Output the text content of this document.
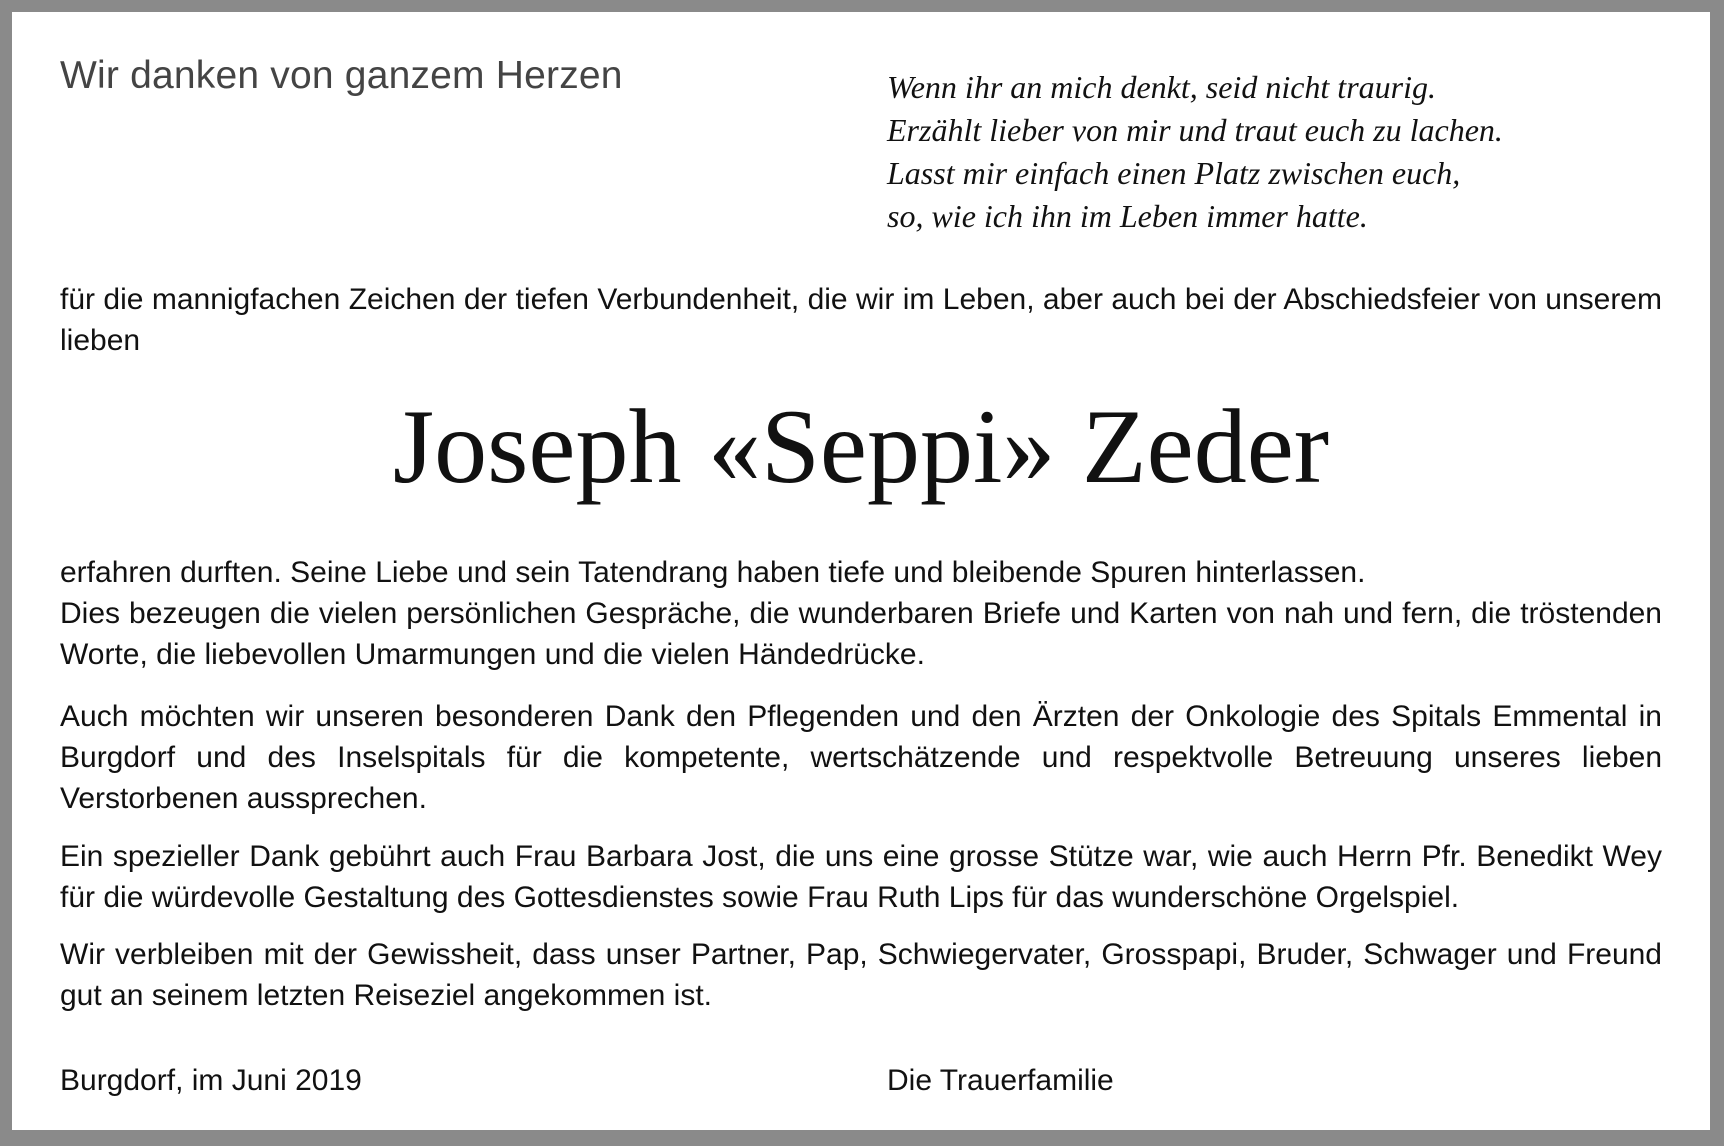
Wir danken von ganzem Herzen	Wenn ihr an mich denkt, seid nicht traurig.
Erzählt lieber von mir und traut euch zu lachen.
Lasst mir einfach einen Platz zwischen euch,
so, wie ich ihn im Leben immer hatte.

für die mannigfachen Zeichen der tiefen Verbundenheit, die wir im Leben, aber auch bei der Abschiedsfeier von unserem lieben

Joseph «Seppi» Zeder
erfahren durften. Seine Liebe und sein Tatendrang haben tiefe und bleibende Spuren hinterlassen.
Dies bezeugen die vielen persönlichen Gespräche, die wunderbaren Briefe und Karten von nah und fern, die tröstenden Worte, die liebevollen Umarmungen und die vielen Händedrücke.

Auch möchten wir unseren besonderen Dank den Pflegenden und den Ärzten der Onkologie des Spitals Emmental in Burgdorf und des Inselspitals für die kompetente, wertschätzende und respektvolle Betreuung unseres lieben Verstorbenen aussprechen.

Ein spezieller Dank gebührt auch Frau Barbara Jost, die uns eine grosse Stütze war, wie auch Herrn Pfr. Benedikt Wey für die würdevolle Gestaltung des Gottesdienstes sowie Frau Ruth Lips für das wunderschöne Orgelspiel.

Wir verbleiben mit der Gewissheit, dass unser Partner, Pap, Schwiegervater, Grosspapi, Bruder, Schwager und Freund gut an seinem letzten Reiseziel angekommen ist.

Burgdorf, im Juni 2019	Die Trauerfamilie
